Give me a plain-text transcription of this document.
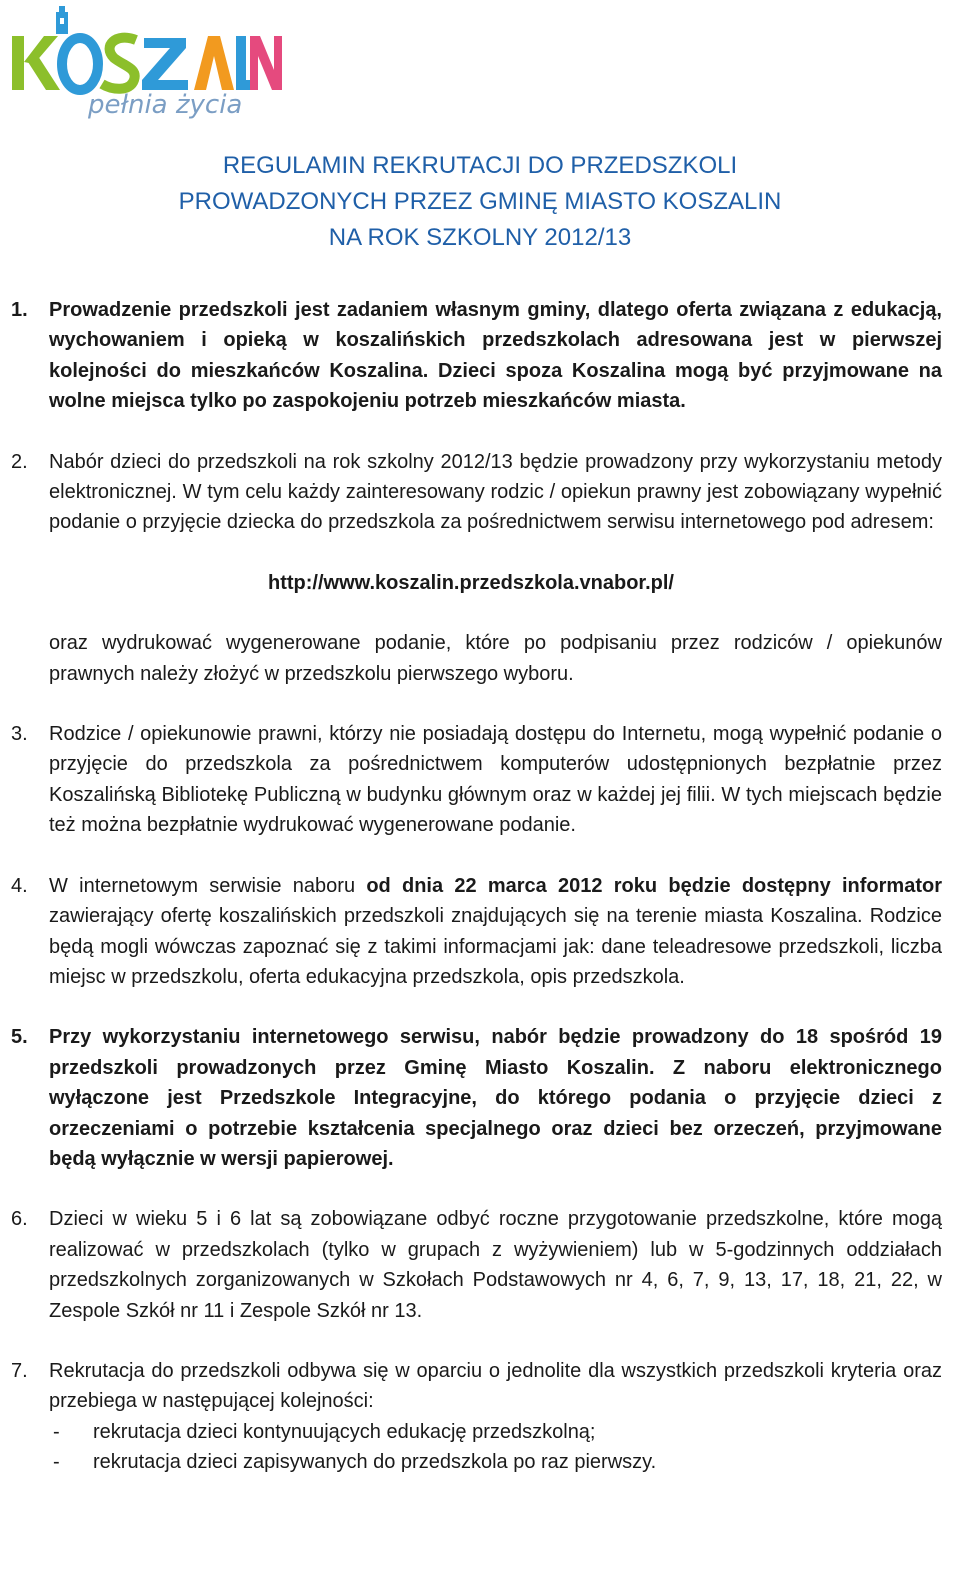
pełnia życia
REGULAMIN REKRUTACJI DO PRZEDSZKOLI
PROWADZONYCH PRZEZ GMINĘ MIASTO KOSZALIN
NA ROK SZKOLNY 2012/13
1. Prowadzenie przedszkoli jest zadaniem własnym gminy, dlatego oferta związana z edukacją, wychowaniem i opieką w koszalińskich przedszkolach adresowana jest w pierwszej kolejności do mieszkańców Koszalina. Dzieci spoza Koszalina mogą być przyjmowane na wolne miejsca tylko po zaspokojeniu potrzeb mieszkańców miasta.
2. Nabór dzieci do przedszkoli na rok szkolny 2012/13 będzie prowadzony przy wykorzystaniu metody elektronicznej. W tym celu każdy zainteresowany rodzic / opiekun prawny jest zobowiązany wypełnić podanie o przyjęcie dziecka do przedszkola za pośrednictwem serwisu internetowego pod adresem:
http://www.koszalin.przedszkola.vnabor.pl/
oraz wydrukować wygenerowane podanie, które po podpisaniu przez rodziców / opiekunów prawnych należy złożyć w przedszkolu pierwszego wyboru.
3. Rodzice / opiekunowie prawni, którzy nie posiadają dostępu do Internetu, mogą wypełnić podanie o przyjęcie do przedszkola za pośrednictwem komputerów udostępnionych bezpłatnie przez Koszalińską Bibliotekę Publiczną w budynku głównym oraz w każdej jej filii. W tych miejscach będzie też można bezpłatnie wydrukować wygenerowane podanie.
4. W internetowym serwisie naboru od dnia 22 marca 2012 roku będzie dostępny informator zawierający ofertę koszalińskich przedszkoli znajdujących się na terenie miasta Koszalina. Rodzice będą mogli wówczas zapoznać się z takimi informacjami jak: dane teleadresowe przedszkoli, liczba miejsc w przedszkolu, oferta edukacyjna przedszkola, opis przedszkola.
5. Przy wykorzystaniu internetowego serwisu, nabór będzie prowadzony do 18 spośród 19 przedszkoli prowadzonych przez Gminę Miasto Koszalin. Z naboru elektronicznego wyłączone jest Przedszkole Integracyjne, do którego podania o przyjęcie dzieci z orzeczeniami o potrzebie kształcenia specjalnego oraz dzieci bez orzeczeń, przyjmowane będą wyłącznie w wersji papierowej.
6. Dzieci w wieku 5 i 6 lat są zobowiązane odbyć roczne przygotowanie przedszkolne, które mogą realizować w przedszkolach (tylko w grupach z wyżywieniem) lub w 5-godzinnych oddziałach przedszkolnych zorganizowanych w Szkołach Podstawowych nr 4, 6, 7, 9, 13, 17, 18, 21, 22, w Zespole Szkół nr 11 i Zespole Szkół nr 13.
7. Rekrutacja do przedszkoli odbywa się w oparciu o jednolite dla wszystkich przedszkoli kryteria oraz przebiega w następującej kolejności:
- rekrutacja dzieci kontynuujących edukację przedszkolną;
- rekrutacja dzieci zapisywanych do przedszkola po raz pierwszy.
